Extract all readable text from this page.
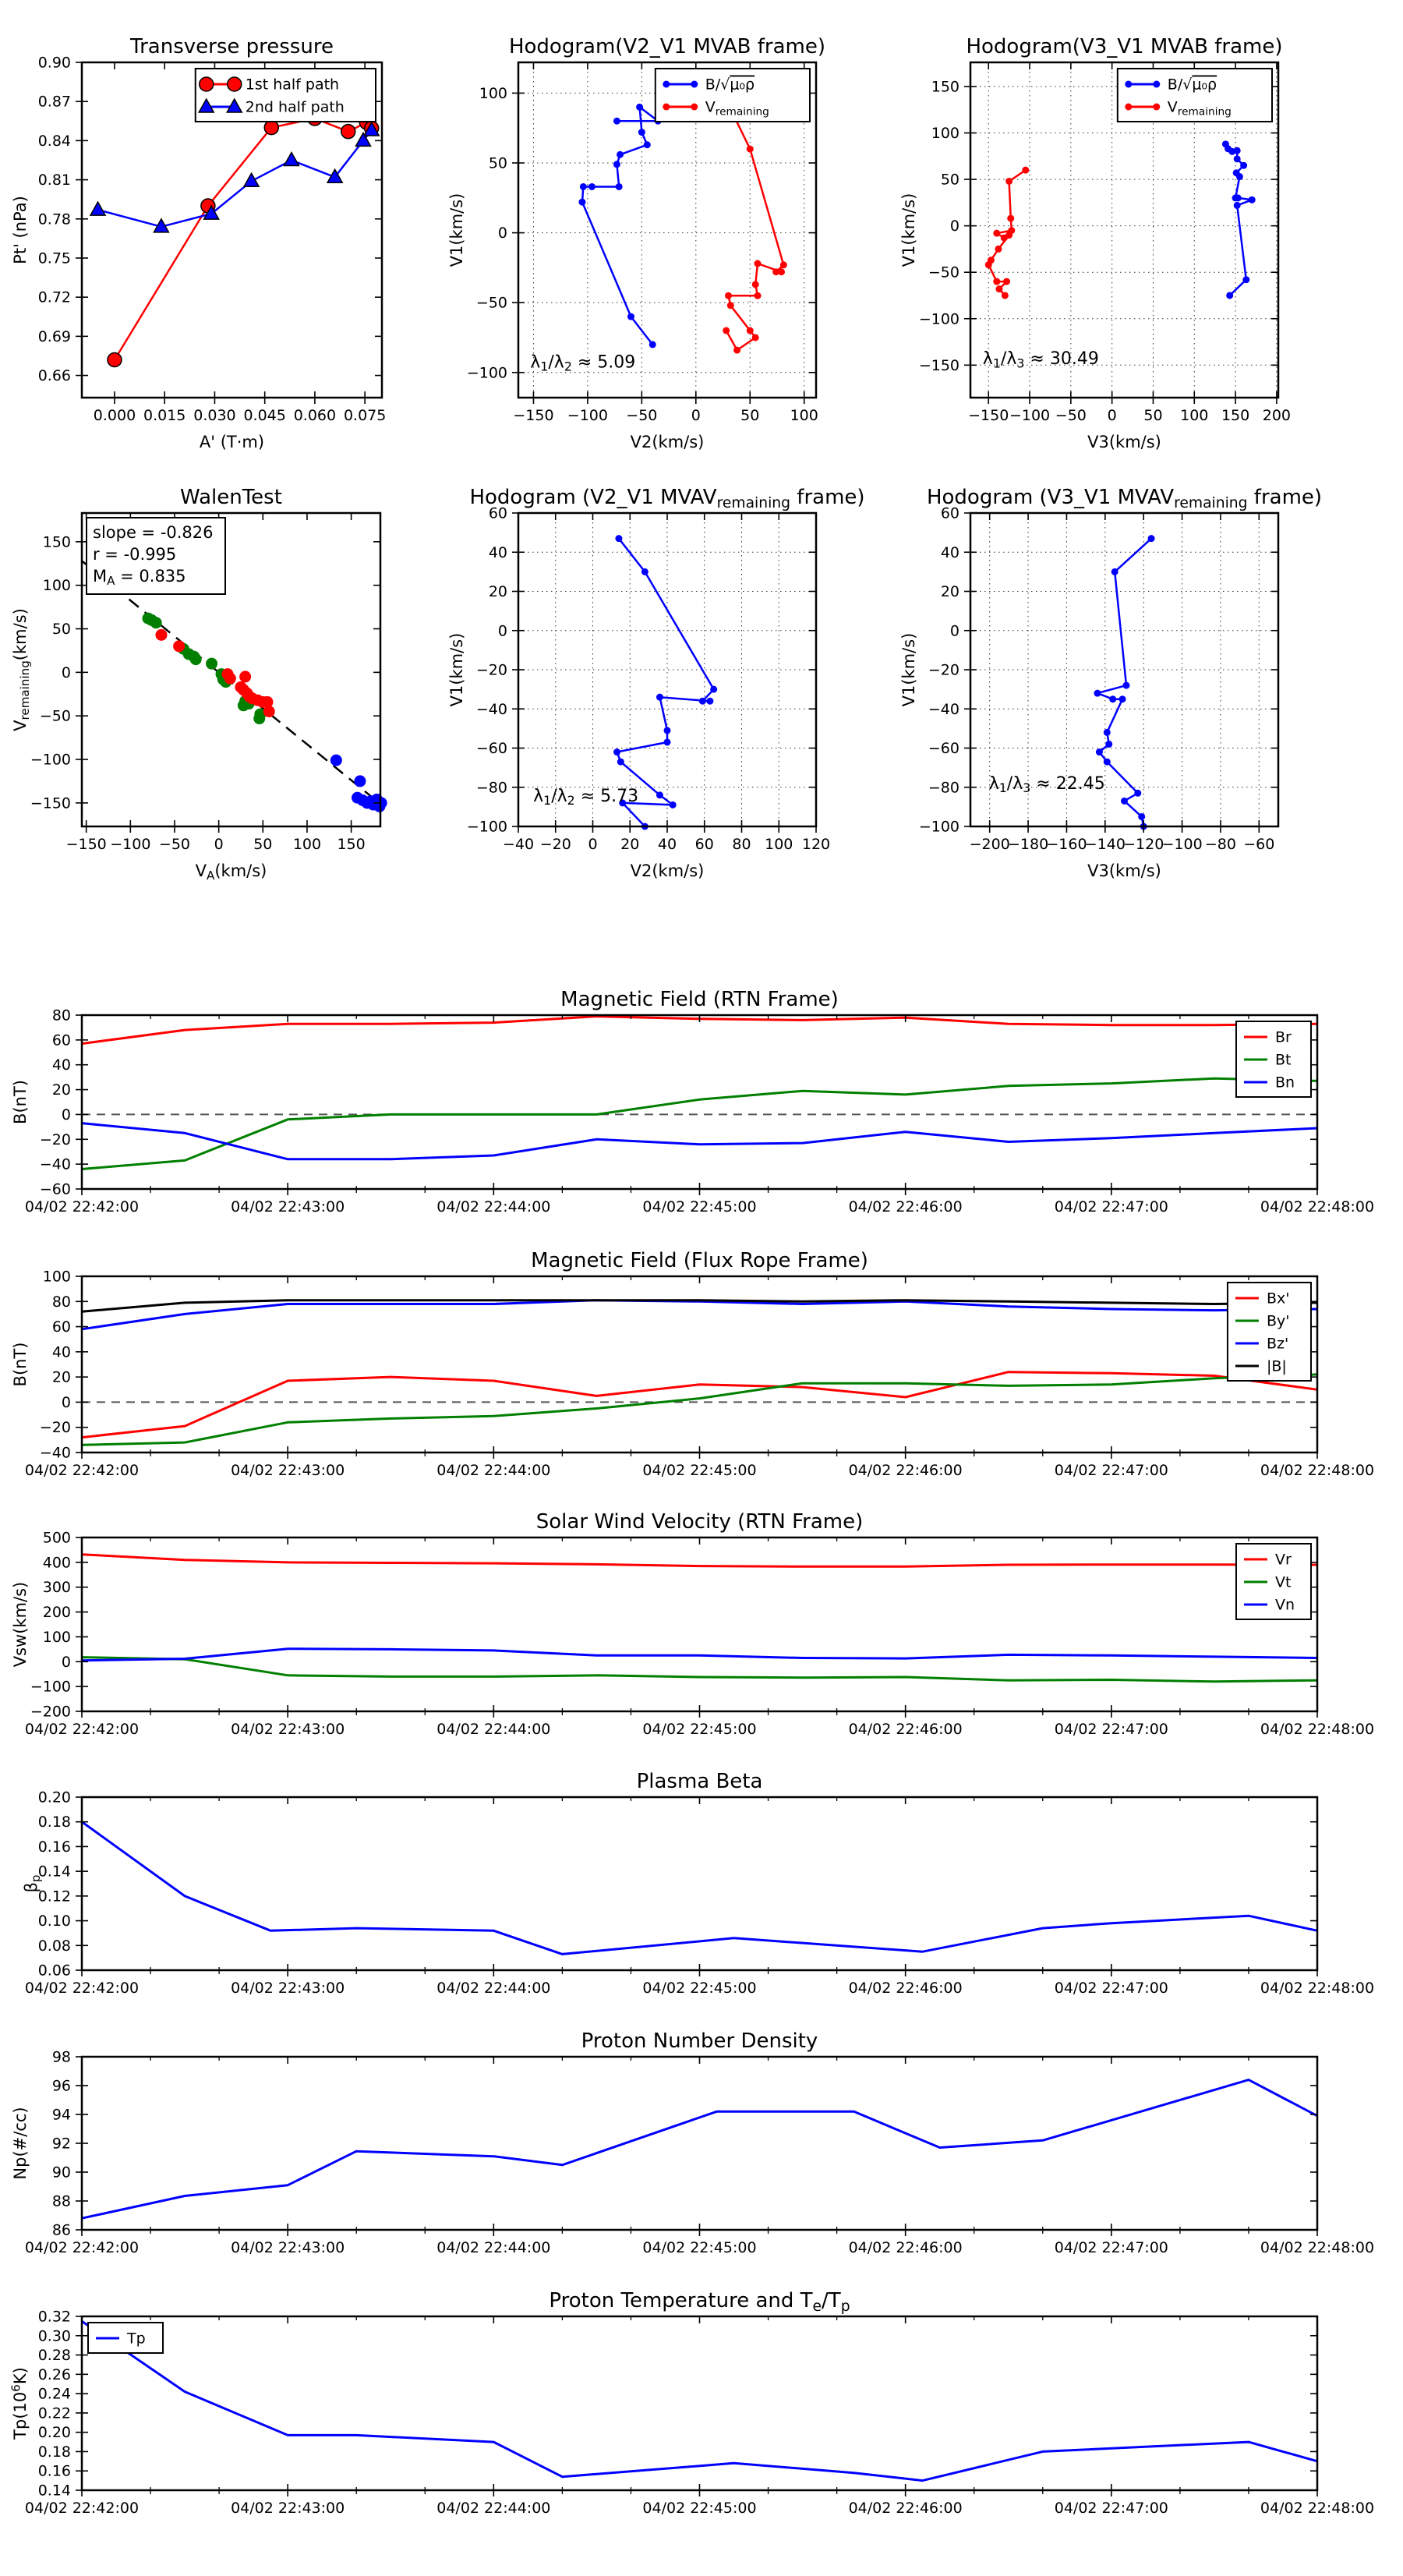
0.000 0.015 0.030 0.045 0.060 0.075
0.66
0.69
0.72
0.75
0.78
0.81
0.84
0.87
0.90
Transverse pressure
A' (T·m)
Pt' (nPa)
1st half path
2nd half path
−150 −100 −50 0	50 100
−100
−50
0
50
100
Hodogram(V2_V1 MVAB frame)
V2(km/s)
V1(km/s)
$\lambda_1/\lambda_2 \approx 5.09$
B/√μ₀ρ
$V_{remaining}$
−150 −100 −50 0 50 100 150 200
−150
−100
−50
0
50
100
150
Hodogram(V3_V1 MVAB frame)
V3(km/s)
V1(km/s)
$\lambda_1/\lambda_3 \approx 30.49$
B/√μ₀ρ
$V_{remaining}$
−150 −100 −50 0 50 100 150
−150
−100
−50
0
50
100
150
WalenTest
$V_A(km/s)$
$V_{remaining}(km/s)$
slope = -0.826
r = -0.995
$M_A = 0.835$
−40 −20 0 20 40 60 80 100 120
−100
−80
−60
−40
−20
0
20
40
60
Hodogram (V2_V1 $MVAV_{remaining}$ frame)
V2(km/s)
V1(km/s)
$\lambda_1/\lambda_2 \approx 5.73$
−200
−180
−160
−140
−120
−100 −80 −60
−100
−80
−60
−40
−20
0
20
40
60
Hodogram (V3_V1 $MVAV_{remaining}$ frame)
V3(km/s)
V1(km/s)
$\lambda_1/\lambda_3 \approx 22.45$
04/02 22:42:00	04/02 22:43:00	04/02 22:44:00	04/02 22:45:00	04/02 22:46:00	04/02 22:47:00	04/02 22:48:00
−60
−40
−20
0
20
40
60
80
Magnetic Field (RTN Frame)
B(nT)
Br
Bt
Bn
04/02 22:42:00	04/02 22:43:00	04/02 22:44:00	04/02 22:45:00	04/02 22:46:00	04/02 22:47:00	04/02 22:48:00
−40
−20
0
20
40
60
80
100
Magnetic Field (Flux Rope Frame)
B(nT)
Bx'
By'
Bz'
|B|
04/02 22:42:00	04/02 22:43:00	04/02 22:44:00	04/02 22:45:00	04/02 22:46:00	04/02 22:47:00	04/02 22:48:00
−200
−100
0
100
200
300
400
500
Solar Wind Velocity (RTN Frame)
Vsw(km/s)
Vr
Vt
Vn
04/02 22:42:00	04/02 22:43:00	04/02 22:44:00	04/02 22:45:00	04/02 22:46:00	04/02 22:47:00	04/02 22:48:00
0.06
0.08
0.10
0.12
0.14
0.16
0.18
0.20
Plasma Beta
$\beta_p$
04/02 22:42:00	04/02 22:43:00	04/02 22:44:00	04/02 22:45:00	04/02 22:46:00	04/02 22:47:00	04/02 22:48:00
86
88
90
92
94
96
98
Proton Number Density
Np(#/cc)
04/02 22:42:00	04/02 22:43:00	04/02 22:44:00	04/02 22:45:00	04/02 22:46:00	04/02 22:47:00	04/02 22:48:00
0.14
0.16
0.18
0.20
0.22
0.24
0.26
0.28
0.30
0.32
Proton Temperature and $T_e/T_p$
$Tp(10^6K)$
Tp
